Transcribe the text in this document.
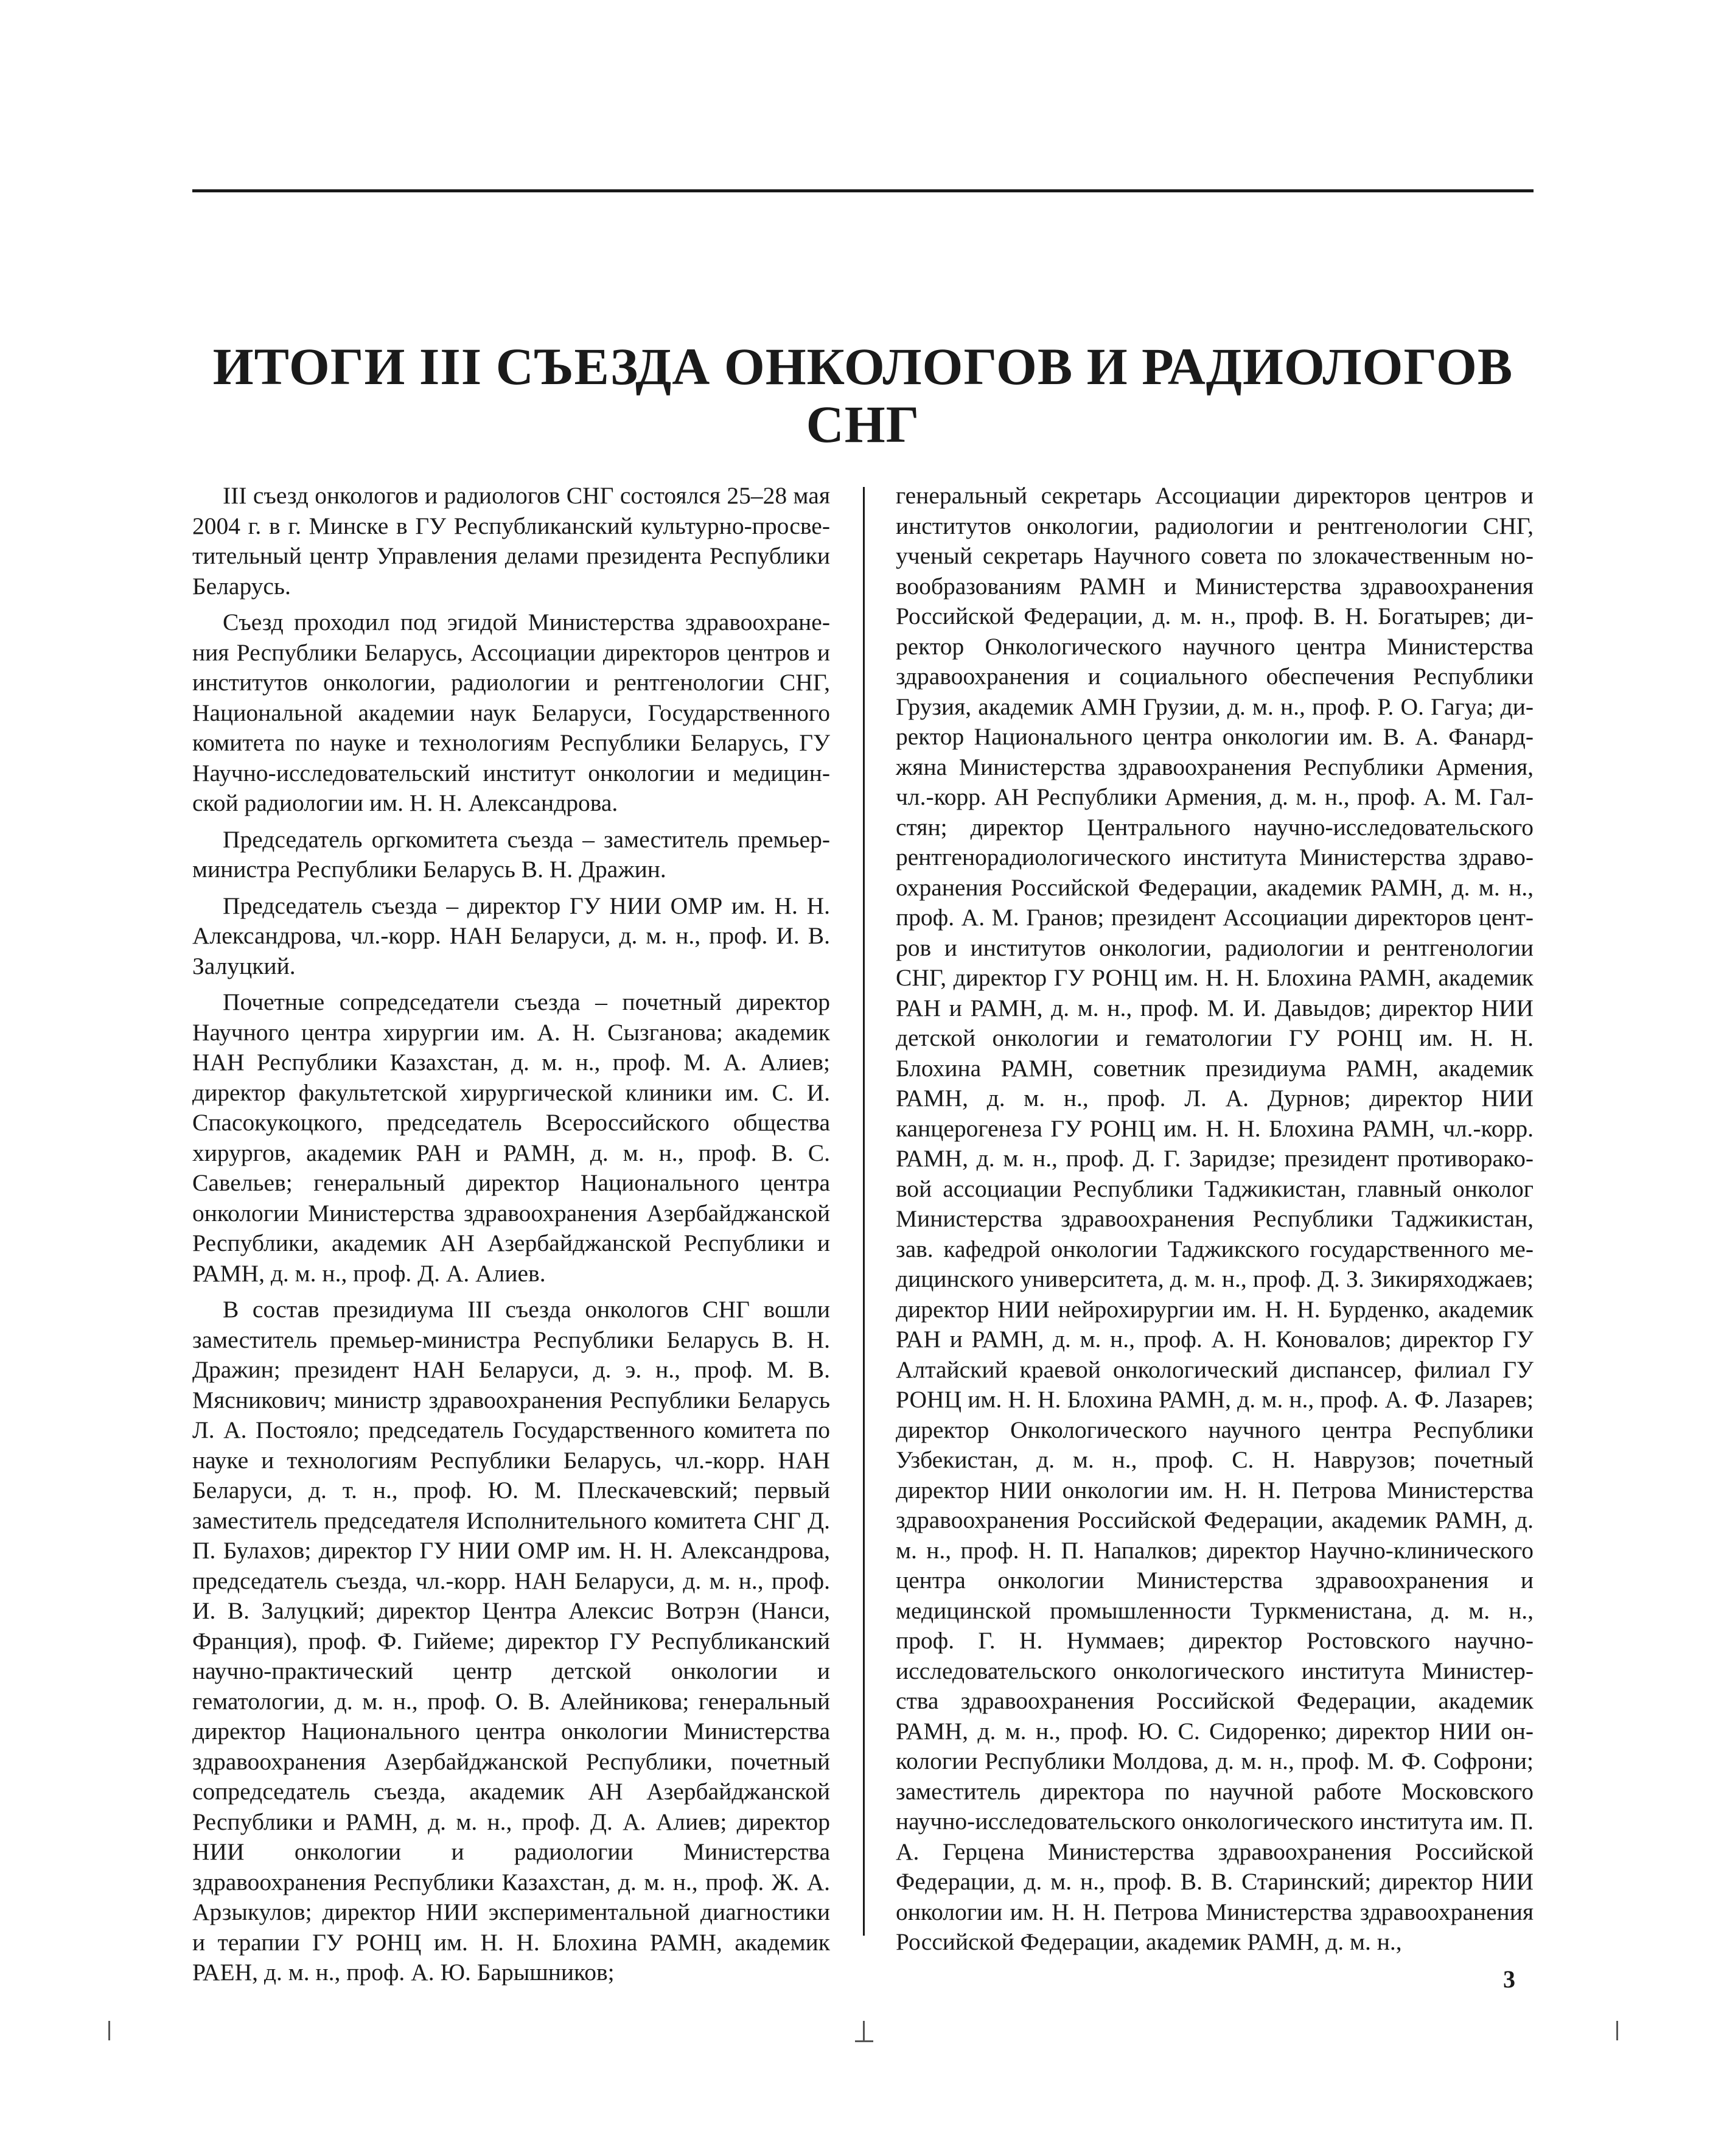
ИТОГИ III СЪЕЗДА ОНКОЛОГОВ И РАДИОЛОГОВ СНГ

III съезд онкологов и радиологов СНГ состоялся 25–28 мая 2004 г. в г. Минске в ГУ Республиканский культурно-просветительный центр Управления делами президента Республики Беларусь.

Съезд проходил под эгидой Министерства здравоохранения Республики Беларусь, Ассоциации директоров центров и институтов онкологии, радиологии и рентгенологии СНГ, Национальной академии наук Беларуси, Государственного комитета по науке и технологиям Республики Беларусь, ГУ Научно-исследовательский институт онкологии и медицинской радиологии им. Н. Н. Александрова.

Председатель оргкомитета съезда – заместитель премьер-министра Республики Беларусь В. Н. Дражин.

Председатель съезда – директор ГУ НИИ ОМР им. Н. Н. Александрова, чл.-корр. НАН Беларуси, д. м. н., проф. И. В. Залуцкий.

Почетные сопредседатели съезда – почетный директор Научного центра хирургии им. А. Н. Сызганова; академик НАН Республики Казахстан, д. м. н., проф. М. А. Алиев; директор факультетской хирургической клиники им. С. И. Спасокукоцкого, председатель Всероссийского общества хирургов, академик РАН и РАМН, д. м. н., проф. В. С. Савельев; генеральный директор Национального центра онкологии Министерства здравоохранения Азербайджанской Республики, академик АН Азербайджанской Республики и РАМН, д. м. н., проф. Д. А. Алиев.

В состав президиума III съезда онкологов СНГ вошли заместитель премьер-министра Республики Беларусь В. Н. Дражин; президент НАН Беларуси, д. э. н., проф. М. В. Мясникович; министр здравоохранения Республики Беларусь Л. А. Постояло; председатель Государственного комитета по науке и технологиям Республики Беларусь, чл.-корр. НАН Беларуси, д. т. н., проф. Ю. М. Плескачевский; первый заместитель председателя Исполнительного комитета СНГ Д. П. Булахов; директор ГУ НИИ ОМР им. Н. Н. Александрова, председатель съезда, чл.-корр. НАН Беларуси, д. м. н., проф. И. В. Залуцкий; директор Центра Алексис Вотрэн (Нанси, Франция), проф. Ф. Гийеме; директор ГУ Республиканский научно-практический центр детской онкологии и гематологии, д. м. н., проф. О. В. Алейникова; генеральный директор Национального центра онкологии Министерства здравоохранения Азербайджанской Республики, почетный сопредседатель съезда, академик АН Азербайджанской Республики и РАМН, д. м. н., проф. Д. А. Алиев; директор НИИ онкологии и радиологии Министерства здравоохранения Республики Казахстан, д. м. н., проф. Ж. А. Арзыкулов; директор НИИ экспериментальной диагностики и терапии ГУ РОНЦ им. Н. Н. Блохина РАМН, академик РАЕН, д. м. н., проф. А. Ю. Барышников;

генеральный секретарь Ассоциации директоров центров и институтов онкологии, радиологии и рентгенологии СНГ, ученый секретарь Научного совета по злокачественным новообразованиям РАМН и Министерства здравоохранения Российской Федерации, д. м. н., проф. В. Н. Богатырев; директор Онкологического научного центра Министерства здравоохранения и социального обеспечения Республики Грузия, академик АМН Грузии, д. м. н., проф. Р. О. Гагуа; директор Национального центра онкологии им. В. А. Фанарджяна Министерства здравоохранения Республики Армения, чл.-корр. АН Республики Армения, д. м. н., проф. А. М. Галстян; директор Центрального научно-исследовательского рентгенорадиологического института Министерства здравоохранения Российской Федерации, академик РАМН, д. м. н., проф. А. М. Гранов; президент Ассоциации директоров центров и институтов онкологии, радиологии и рентгенологии СНГ, директор ГУ РОНЦ им. Н. Н. Блохина РАМН, академик РАН и РАМН, д. м. н., проф. М. И. Давыдов; директор НИИ детской онкологии и гематологии ГУ РОНЦ им. Н. Н. Блохина РАМН, советник президиума РАМН, академик РАМН, д. м. н., проф. Л. А. Дурнов; директор НИИ канцерогенеза ГУ РОНЦ им. Н. Н. Блохина РАМН, чл.-корр. РАМН, д. м. н., проф. Д. Г. Заридзе; президент противораковой ассоциации Республики Таджикистан, главный онколог Министерства здравоохранения Республики Таджикистан, зав. кафедрой онкологии Таджикского государственного медицинского университета, д. м. н., проф. Д. З. Зикиряходжаев; директор НИИ нейрохирургии им. Н. Н. Бурденко, академик РАН и РАМН, д. м. н., проф. А. Н. Коновалов; директор ГУ Алтайский краевой онкологический диспансер, филиал ГУ РОНЦ им. Н. Н. Блохина РАМН, д. м. н., проф. А. Ф. Лазарев; директор Онкологического научного центра Республики Узбекистан, д. м. н., проф. С. Н. Наврузов; почетный директор НИИ онкологии им. Н. Н. Петрова Министерства здравоохранения Российской Федерации, академик РАМН, д. м. н., проф. Н. П. Напалков; директор Научно-клинического центра онкологии Министерства здравоохранения и медицинской промышленности Туркменистана, д. м. н., проф. Г. Н. Нуммаев; директор Ростовского научно-исследовательского онкологического института Министерства здравоохранения Российской Федерации, академик РАМН, д. м. н., проф. Ю. С. Сидоренко; директор НИИ онкологии Республики Молдова, д. м. н., проф. М. Ф. Софрони; заместитель директора по научной работе Московского научно-исследовательского онкологического института им. П. А. Герцена Министерства здравоохранения Российской Федерации, д. м. н., проф. В. В. Старинский; директор НИИ онкологии им. Н. Н. Петрова Министерства здравоохранения Российской Федерации, академик РАМН, д. м. н.,

3
